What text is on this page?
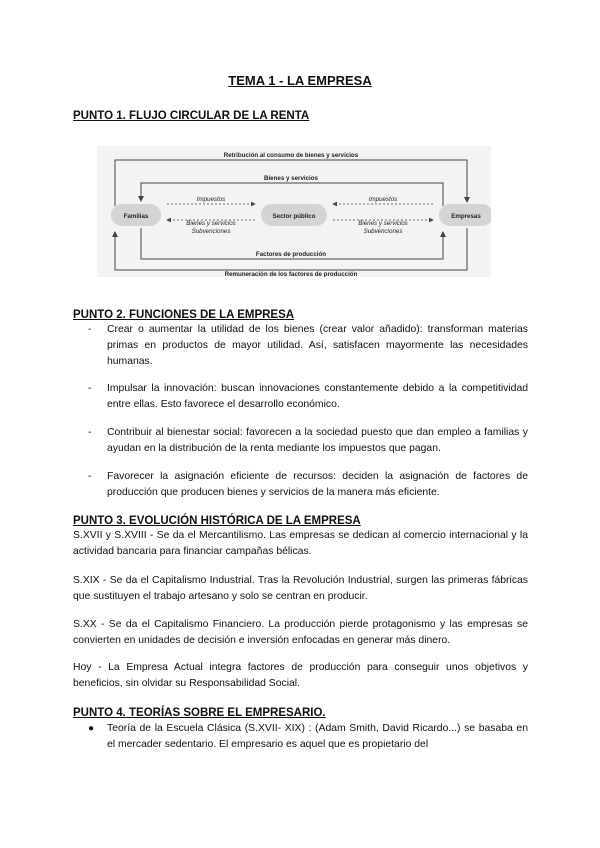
TEMA 1 - LA EMPRESA
PUNTO 1. FLUJO CIRCULAR DE LA RENTA
Retribución al consumo de bienes y servicios
Bienes y servicios
Familias	Sector público	Empresas
Impuestos
Bienes y servicios
Subvenciones
Impuestos
Bienes y servicios
Subvenciones
Factores de producción
Remuneración de los factores de producción
PUNTO 2. FUNCIONES DE LA EMPRESA
- Crear o aumentar la utilidad de los bienes (crear valor añadido): transforman materias primas en productos de mayor utilidad. Así, satisfacen mayormente las necesidades humanas.
- Impulsar la innovación: buscan innovaciones constantemente debido a la competitividad entre ellas. Esto favorece el desarrollo económico.
- Contribuir al bienestar social: favorecen a la sociedad puesto que dan empleo a familias y ayudan en la distribución de la renta mediante los impuestos que pagan.
- Favorecer la asignación eficiente de recursos: deciden la asignación de factores de producción que producen bienes y servicios de la manera más eficiente.
PUNTO 3. EVOLUCIÓN HISTÓRICA DE LA EMPRESA
S.XVII y S.XVIII - Se da el Mercantilismo. Las empresas se dedican al comercio internacional y la actividad bancaria para financiar campañas bélicas.
S.XIX - Se da el Capitalismo Industrial. Tras la Revolución Industrial, surgen las primeras fábricas que sustituyen el trabajo artesano y solo se centran en producir.
S.XX - Se da el Capitalismo Financiero. La producción pierde protagonismo y las empresas se convierten en unidades de decisión e inversión enfocadas en generar más dinero.
Hoy - La Empresa Actual integra factores de producción para conseguir unos objetivos y beneficios, sin olvidar su Responsabilidad Social.
PUNTO 4. TEORÍAS SOBRE EL EMPRESARIO.
● Teoría de la Escuela Clásica (S.XVII- XIX) : (Adam Smith, David Ricardo...) se basaba en el mercader sedentario. El empresario es aquel que es propietario del
